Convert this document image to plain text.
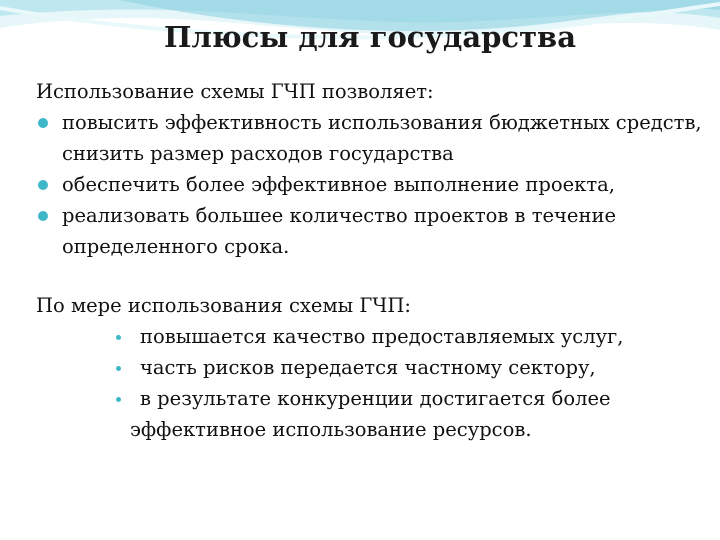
Плюсы для государства

Использование схемы ГЧП позволяет:

повысить эффективность использования бюджетных средств, снизить размер расходов государства
обеспечить более эффективное выполнение проекта,
реализовать большее количество проектов в течение определенного срока.

По мере использования схемы ГЧП:

повышается качество предоставляемых услуг,
часть рисков передается частному сектору,
в результате конкуренции достигается более
эффективное использование ресурсов.
